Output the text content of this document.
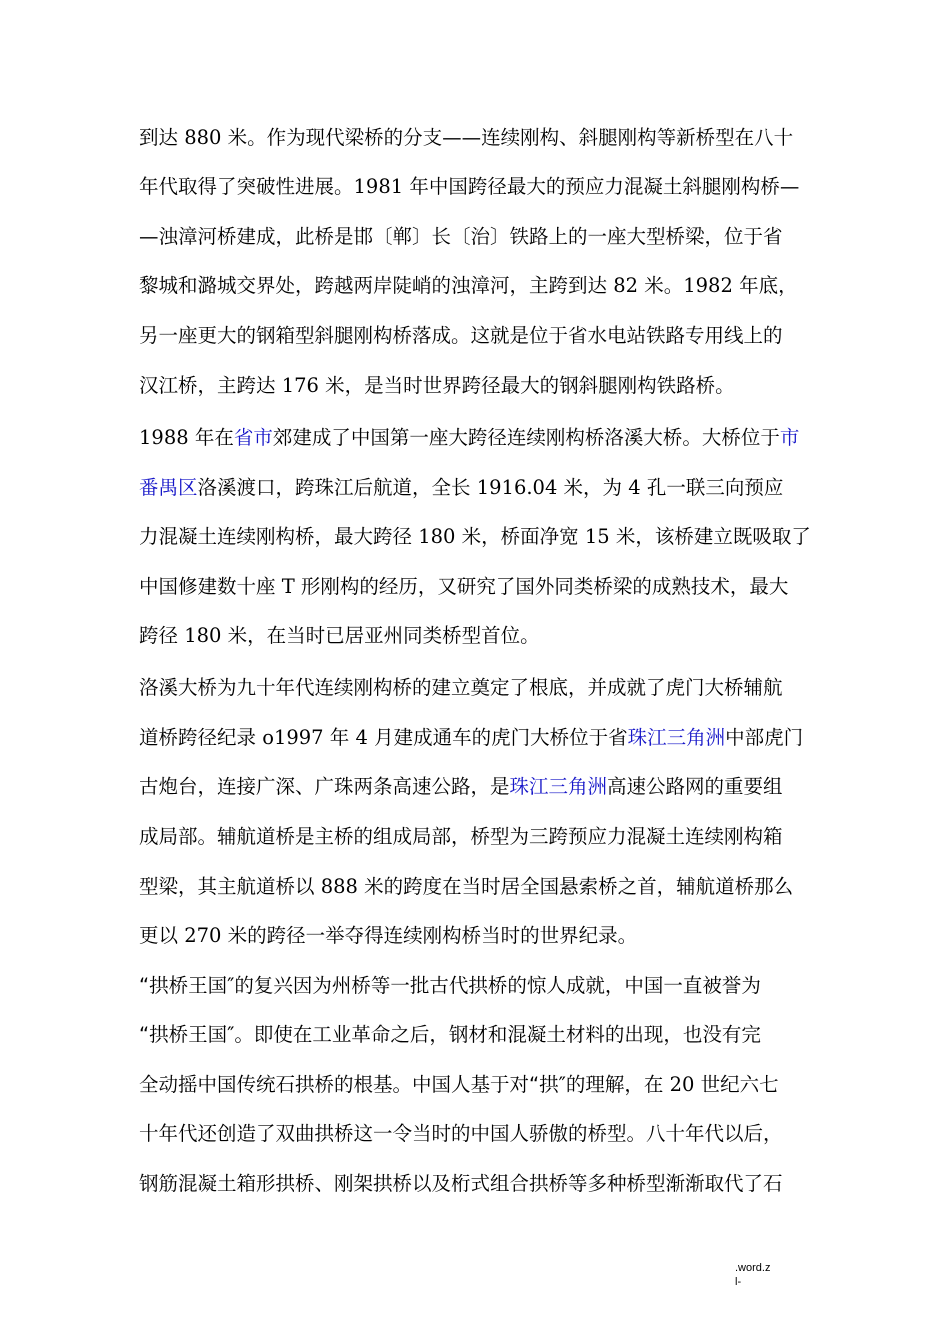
到达 880 米。作为现代梁桥的分支——连续刚构、斜腿刚构等新桥型在八十
年代取得了突破性进展。1981 年中国跨径最大的预应力混凝土斜腿刚构桥—
—浊漳河桥建成，此桥是邯〔郸〕长〔治〕铁路上的一座大型桥梁，位于省
黎城和潞城交界处，跨越两岸陡峭的浊漳河，主跨到达 82 米。1982 年底，
另一座更大的钢箱型斜腿刚构桥落成。这就是位于省水电站铁路专用线上的
汉江桥，主跨达 176 米，是当时世界跨径最大的钢斜腿刚构铁路桥。
1988 年在省市郊建成了中国第一座大跨径连续刚构桥洛溪大桥。大桥位于市
番禺区洛溪渡口，跨珠江后航道，全长 1916.04 米，为 4 孔一联三向预应
力混凝土连续刚构桥，最大跨径 180 米，桥面净宽 15 米，该桥建立既吸取了
中国修建数十座 T 形刚构的经历，又研究了国外同类桥梁的成熟技术，最大
跨径 180 米，在当时已居亚州同类桥型首位。
洛溪大桥为九十年代连续刚构桥的建立奠定了根底，并成就了虎门大桥辅航
道桥跨径纪录 o1997 年 4 月建成通车的虎门大桥位于省珠江三角洲中部虎门
古炮台，连接广深、广珠两条高速公路，是珠江三角洲高速公路网的重要组
成局部。辅航道桥是主桥的组成局部，桥型为三跨预应力混凝土连续刚构箱
型梁，其主航道桥以 888 米的跨度在当时居全国悬索桥之首，辅航道桥那么
更以 270 米的跨径一举夺得连续刚构桥当时的世界纪录。
“拱桥王国″的复兴因为州桥等一批古代拱桥的惊人成就，中国一直被誉为
“拱桥王国″。即使在工业革命之后，钢材和混凝土材料的出现，也没有完
全动摇中国传统石拱桥的根基。中国人基于对“拱″的理解，在 20 世纪六七
十年代还创造了双曲拱桥这一令当时的中国人骄傲的桥型。八十年代以后，
钢筋混凝土箱形拱桥、刚架拱桥以及桁式组合拱桥等多种桥型渐渐取代了石
.word.z
l-
